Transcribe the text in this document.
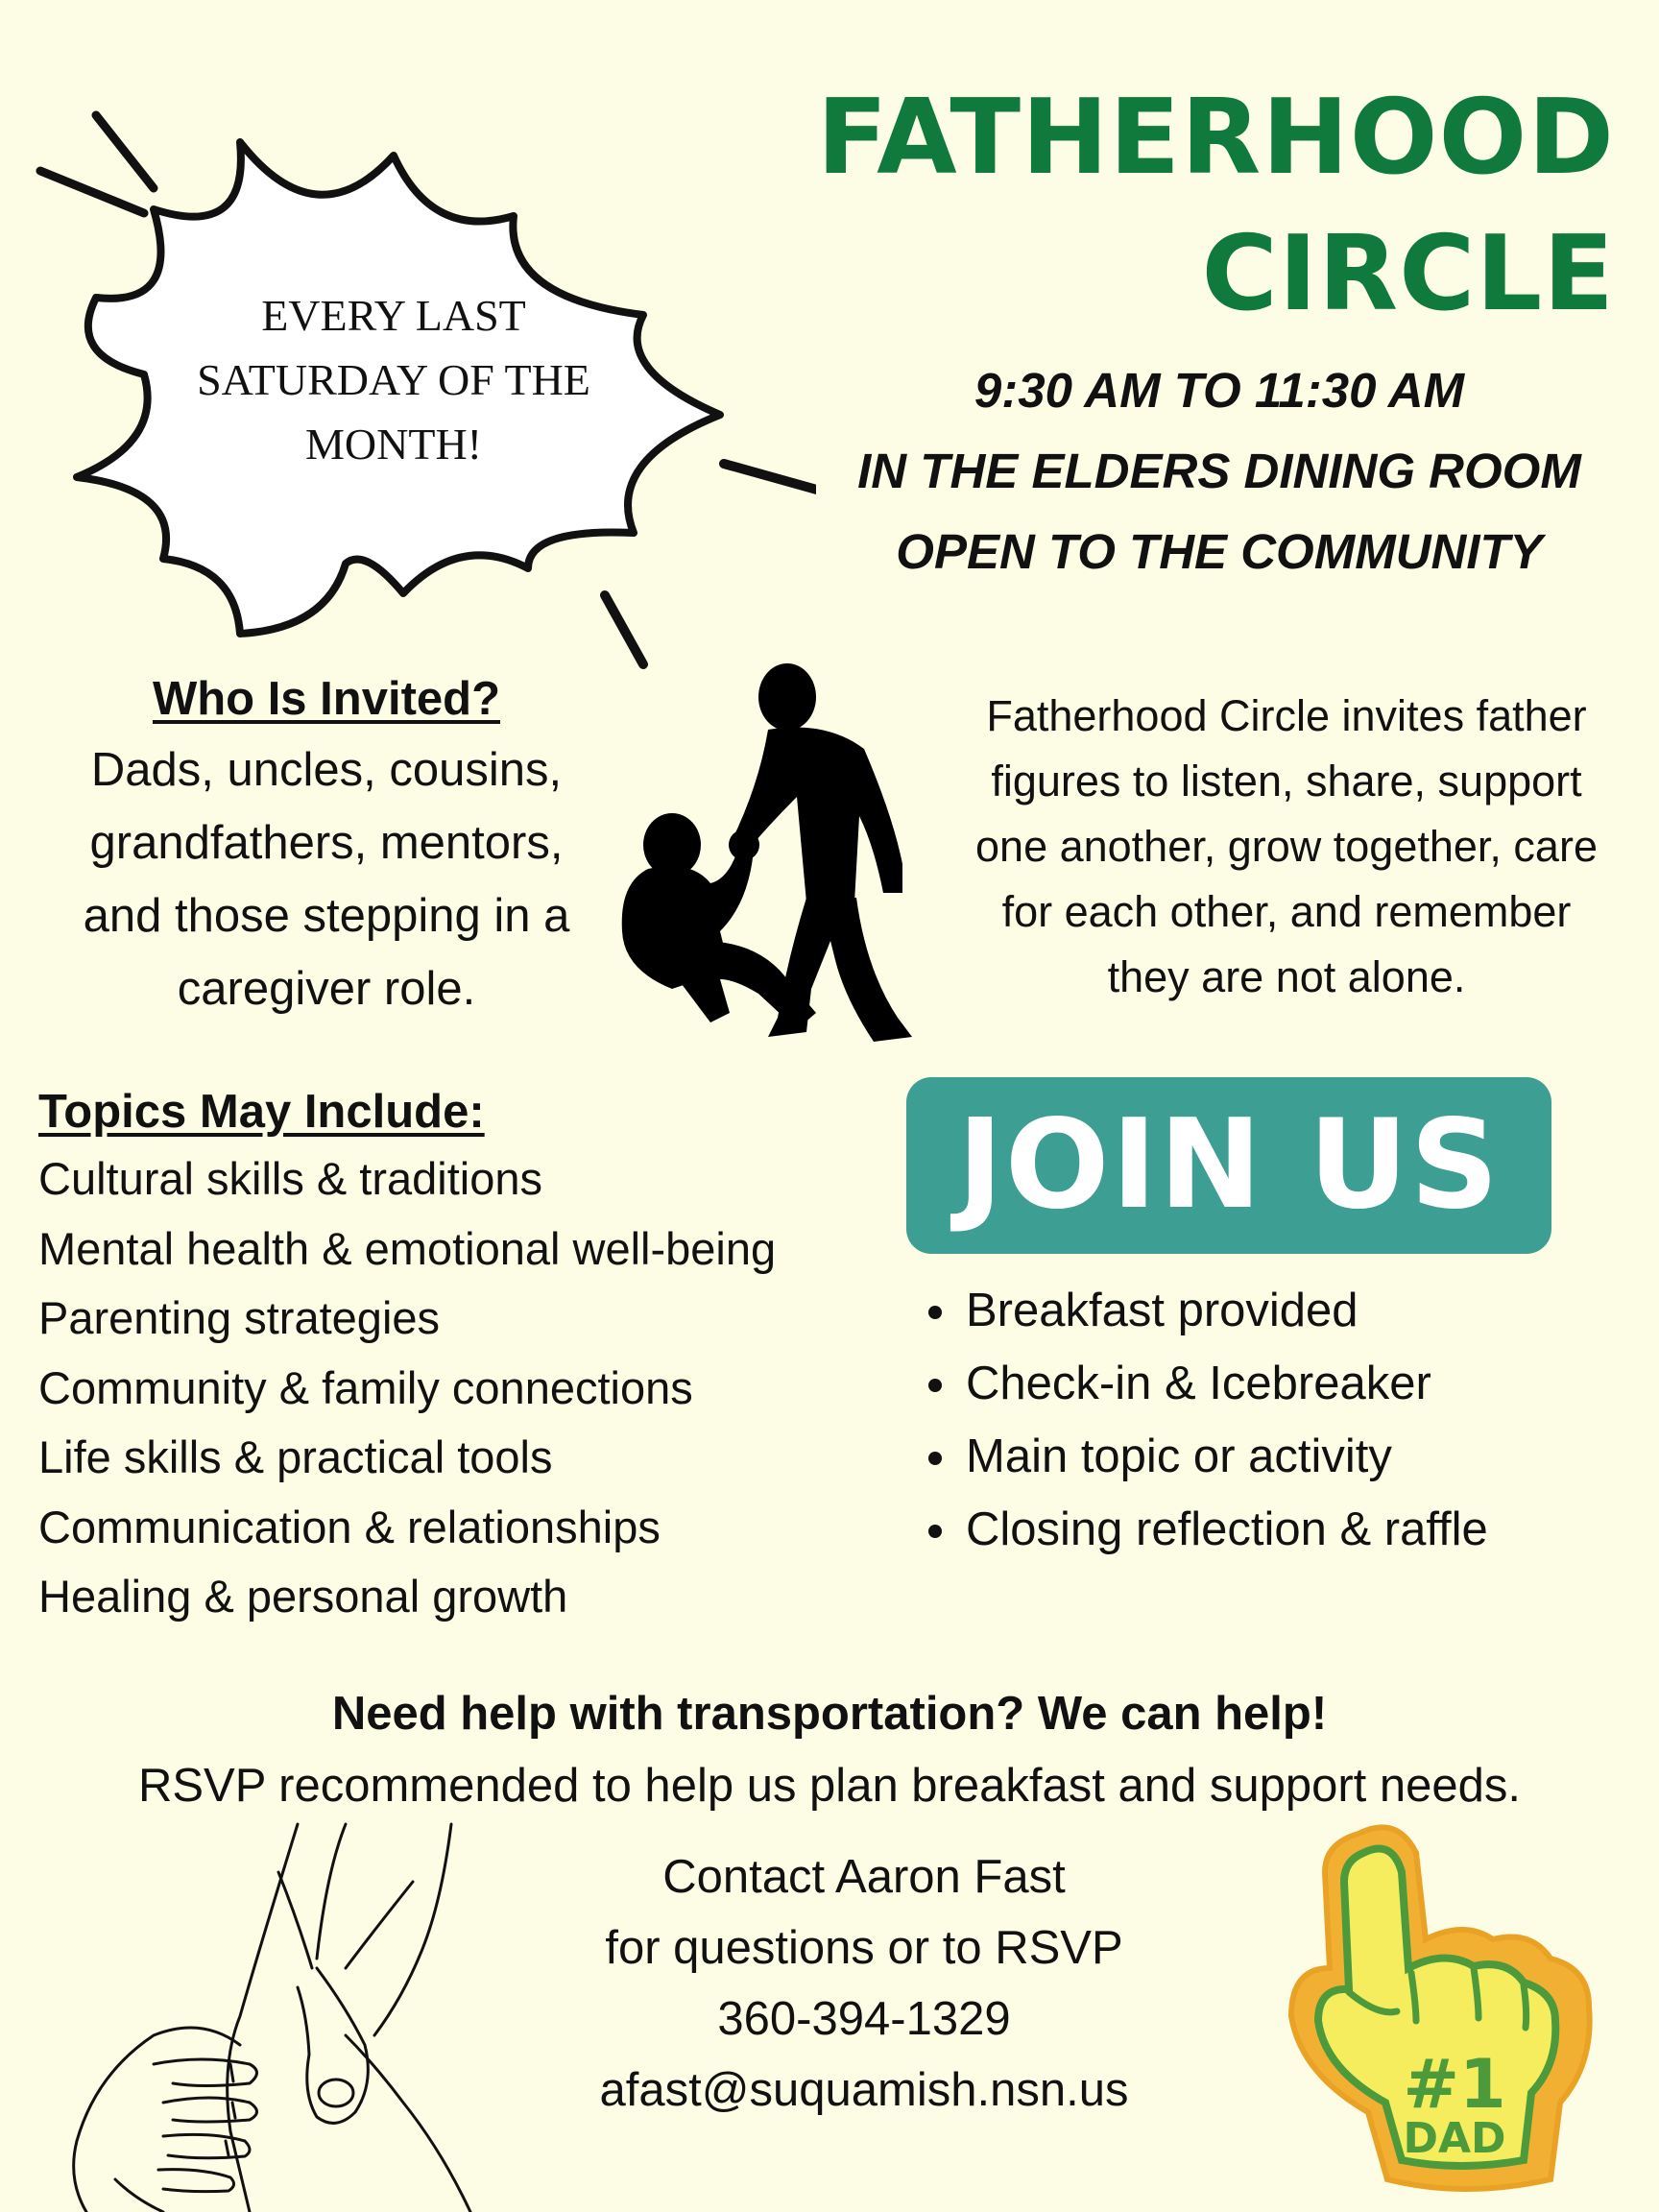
FATHERHOOD
CIRCLE
EVERY LAST
SATURDAY OF THE
MONTH!
9:30 AM TO 11:30 AM
IN THE ELDERS DINING ROOM
OPEN TO THE COMMUNITY
Who Is Invited?
Dads, uncles, cousins,
grandfathers, mentors,
and those stepping in a
caregiver role.
Fatherhood Circle invites father
figures to listen, share, support
one another, grow together, care
for each other, and remember
they are not alone.
Topics May Include:
Cultural skills & traditions
Mental health & emotional well-being
Parenting strategies
Community & family connections
Life skills & practical tools
Communication & relationships
Healing & personal growth
JOIN US
• Breakfast provided
• Check-in & Icebreaker
• Main topic or activity
• Closing reflection & raffle
Need help with transportation? We can help!
RSVP recommended to help us plan breakfast and support needs.
Contact Aaron Fast
for questions or to RSVP
360-394-1329
afast@suquamish.nsn.us	#1
DAD
